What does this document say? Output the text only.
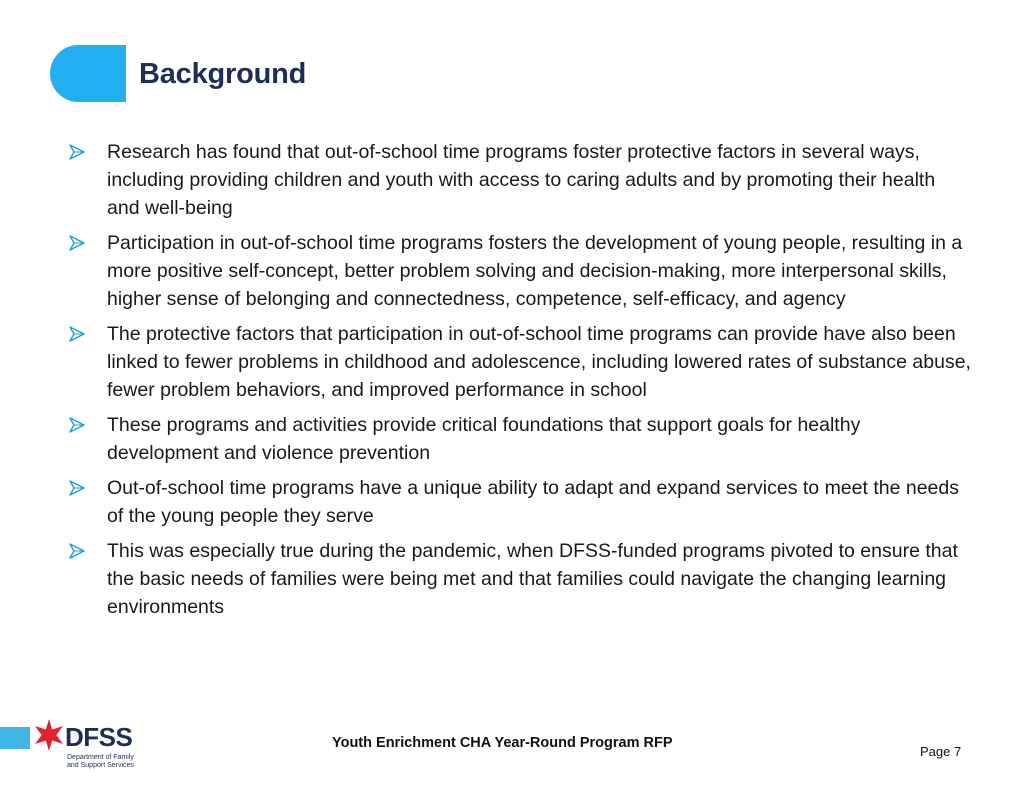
Background
Research has found that out-of-school time programs foster protective factors in several ways, including providing children and youth with access to caring adults and by promoting their health and well-being
Participation in out-of-school time programs fosters the development of young people, resulting in a more positive self-concept, better problem solving and decision-making, more interpersonal skills, higher sense of belonging and connectedness, competence, self-efficacy, and agency
The protective factors that participation in out-of-school time programs can provide have also been linked to fewer problems in childhood and adolescence, including lowered rates of substance abuse, fewer problem behaviors, and improved performance in school
These programs and activities provide critical foundations that support goals for healthy development and violence prevention
Out-of-school time programs have a unique ability to adapt and expand services to meet the needs of the young people they serve
This was especially true during the pandemic, when DFSS-funded programs pivoted to ensure that the basic needs of families were being met and that families could navigate the changing learning environments
DFSS
Department of Family and Support Services
Youth Enrichment CHA Year-Round Program RFP
Page 7
